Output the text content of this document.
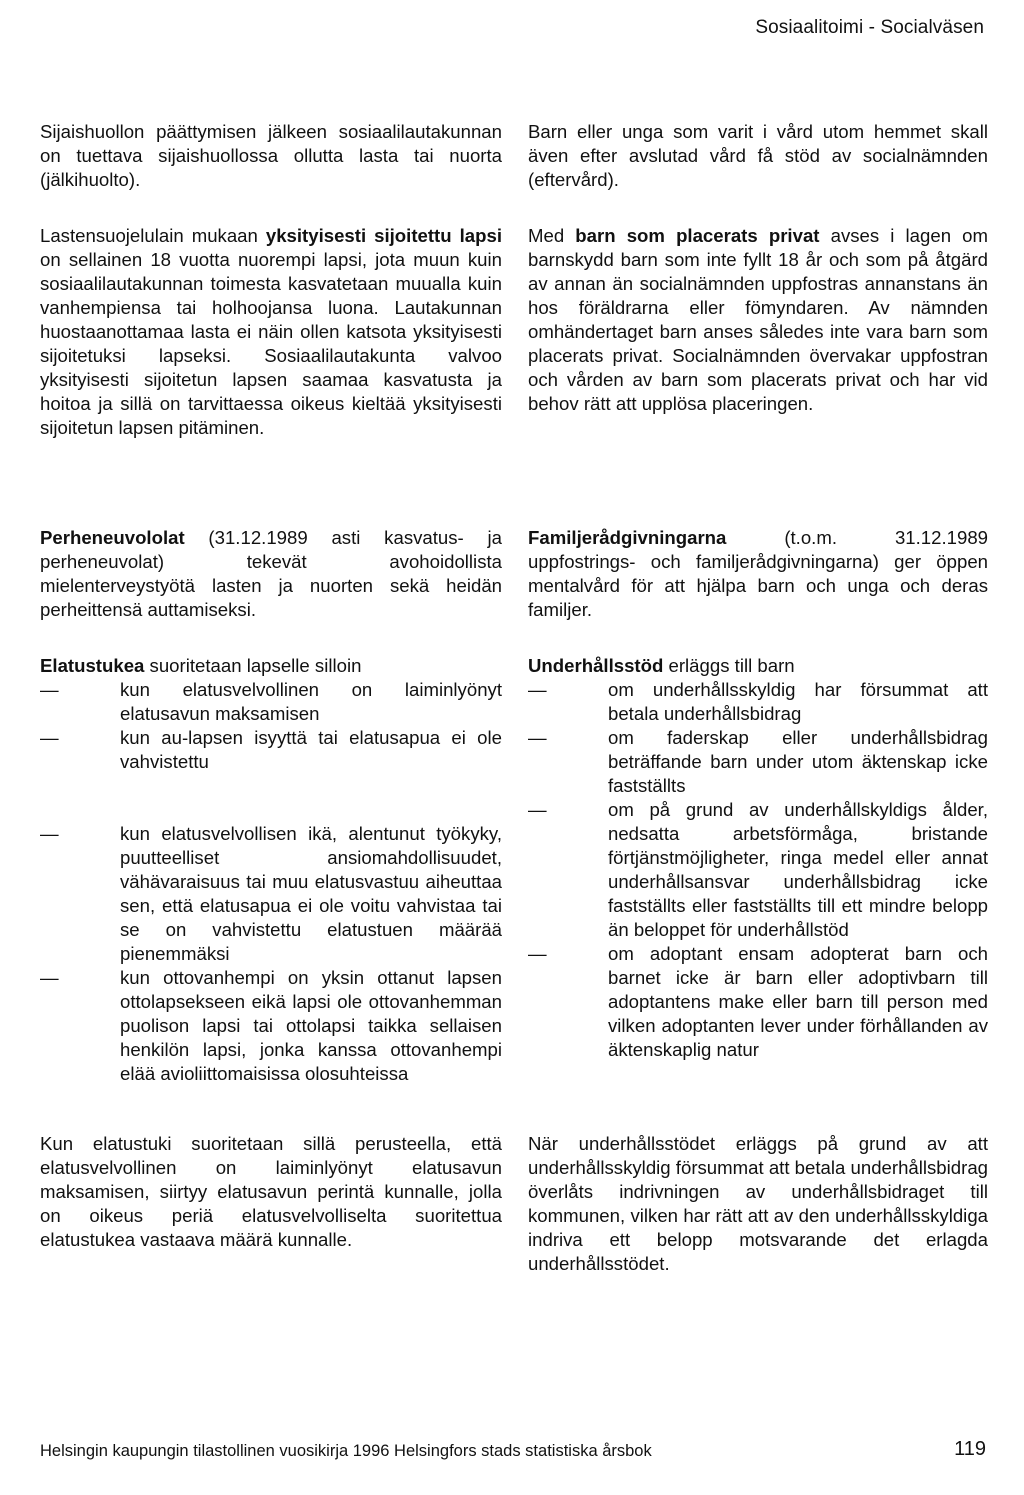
Sosiaalitoimi - Socialväsen

Sijaishuollon päättymisen jälkeen sosiaalilautakunnan on tuettava sijaishuollossa ollutta lasta tai nuorta (jälkihuolto).

Lastensuojelulain mukaan yksityisesti sijoitettu lapsi on sellainen 18 vuotta nuorempi lapsi, jota muun kuin sosiaalilautakunnan toimesta kasvatetaan muualla kuin vanhempiensa tai holhoojansa luona. Lautakunnan huostaanottamaa lasta ei näin ollen katsota yksityisesti sijoitetuksi lapseksi. Sosiaalilautakunta valvoo yksityisesti sijoitetun lapsen saamaa kasvatusta ja hoitoa ja sillä on tarvittaessa oikeus kieltää yksityisesti sijoitetun lapsen pitäminen.

Perheneuvololat (31.12.1989 asti kasvatus- ja perheneuvolat) tekevät avohoidollista mielenterveystyötä lasten ja nuorten sekä heidän perheittensä auttamiseksi.

Elatustukea suoritetaan lapselle silloin

—	kun elatusvelvollinen on laiminlyönyt elatusavun maksamisen
—	kun au-lapsen isyyttä tai elatusapua ei ole vahvistettu
—	kun elatusvelvollisen ikä, alentunut työkyky, puutteelliset ansiomahdollisuudet, vähävaraisuus tai muu elatusvastuu aiheuttaa sen, että elatusapua ei ole voitu vahvistaa tai se on vahvistettu elatustuen määrää pienemmäksi
—	kun ottovanhempi on yksin ottanut lapsen ottolapsekseen eikä lapsi ole ottovanhemman puolison lapsi tai ottolapsi taikka sellaisen henkilön lapsi, jonka kanssa ottovanhempi elää avioliittomaisissa olosuhteissa

Kun elatustuki suoritetaan sillä perusteella, että elatusvelvollinen on laiminlyönyt elatusavun maksamisen, siirtyy elatusavun perintä kunnalle, jolla on oikeus periä elatusvelvolliselta suoritettua elatustukea vastaava määrä kunnalle.

Barn eller unga som varit i vård utom hemmet skall även efter avslutad vård få stöd av socialnämnden (eftervård).

Med barn som placerats privat avses i lagen om barnskydd barn som inte fyllt 18 år och som på åtgärd av annan än socialnämnden uppfostras annanstans än hos föräldrarna eller fömyndaren. Av nämnden omhändertaget barn anses således inte vara barn som placerats privat. Socialnämnden övervakar uppfostran och vården av barn som placerats privat och har vid behov rätt att upplösa placeringen.

Familjerådgivningarna (t.o.m. 31.12.1989 uppfostrings- och familjerådgivningarna) ger öppen mentalvård för att hjälpa barn och unga och deras familjer.

Underhållsstöd erläggs till barn

—	om underhållsskyldig har försummat att betala underhållsbidrag
—	om faderskap eller underhållsbidrag beträffande barn under utom äktenskap icke fastställts
—	om på grund av underhållskyldigs ålder, nedsatta arbetsförmåga, bristande förtjänstmöjligheter, ringa medel eller annat underhållsansvar underhållsbidrag icke fastställts eller fastställts till ett mindre belopp än beloppet för underhållstöd
—	om adoptant ensam adopterat barn och barnet icke är barn eller adoptivbarn till adoptantens make eller barn till person med vilken adoptanten lever under förhållanden av äktenskaplig natur

När underhållsstödet erläggs på grund av att underhållsskyldig försummat att betala underhållsbidrag överlåts indrivningen av underhållsbidraget till kommunen, vilken har rätt att av den underhållsskyldiga indriva ett belopp motsvarande det erlagda underhållsstödet.

Helsingin kaupungin tilastollinen vuosikirja 1996 Helsingfors stads statistiska årsbok	119
